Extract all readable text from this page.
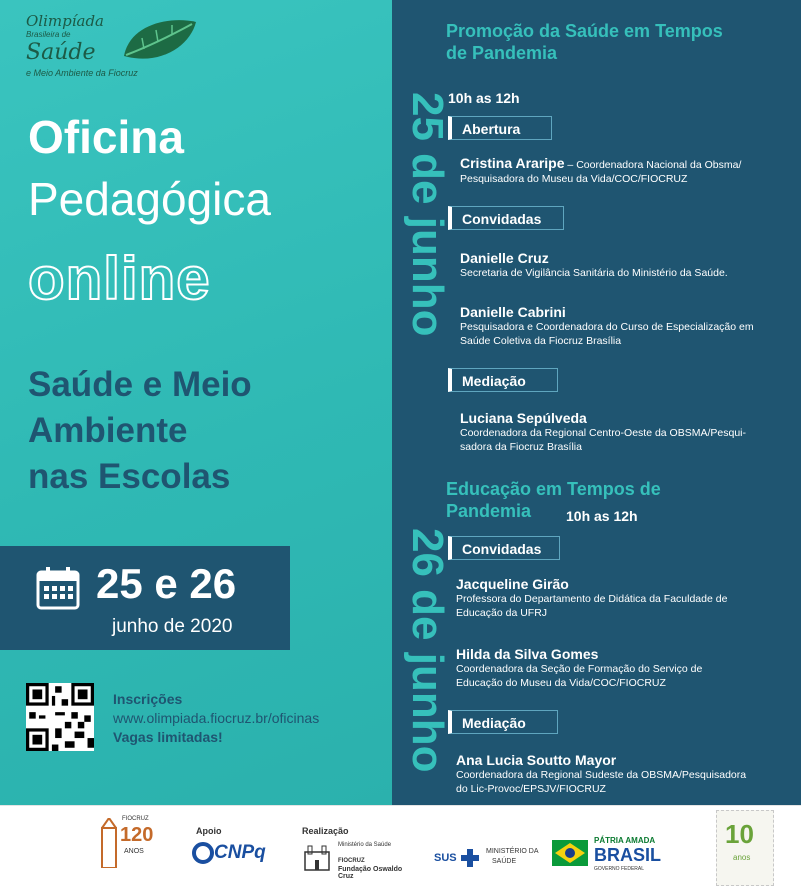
Olimpíada
Brasileira de
Saúde
e Meio Ambiente da Fiocruz
Oficina
Pedagógica
online
Saúde e Meio
Ambiente
nas Escolas
25 e 26
junho de 2020
Inscrições
www.olimpiada.fiocruz.br/oficinas
Vagas limitadas!
25 de junho
Promoção da Saúde em Tempos
de Pandemia
10h as 12h
Abertura
Cristina Araripe – Coordenadora Nacional da Obsma/
Pesquisadora do Museu da Vida/COC/FIOCRUZ
Convidadas
Danielle Cruz
Secretaria de Vigilância Sanitária do Ministério da Saúde.
Danielle Cabrini
Pesquisadora e Coordenadora do Curso de Especialização em
Saúde Coletiva da Fiocruz Brasília
Mediação
Luciana Sepúlveda
Coordenadora da Regional Centro-Oeste da OBSMA/Pesqui-
sadora da Fiocruz Brasília
Educação em Tempos de
Pandemia	10h as 12h
26 de junho Convidadas
Jacqueline Girão
Professora do Departamento de Didática da Faculdade de
Educação da UFRJ
Hilda da Silva Gomes
Coordenadora da Seção de Formação do Serviço de
Educação do Museu da Vida/COC/FIOCRUZ
Mediação
Ana Lucia Soutto Mayor
Coordenadora da Regional Sudeste da OBSMA/Pesquisadora
do Lic-Provoc/EPSJV/FIOCRUZ
FIOCRUZ
120
ANOS
Apoio
CNPq
Realização
Ministério da Saúde
FIOCRUZ
Fundação Oswaldo Cruz
SUS
MINISTÉRIO DA
SAÚDE
PÁTRIA AMADA
BRASIL
GOVERNO FEDERAL
10
anos
